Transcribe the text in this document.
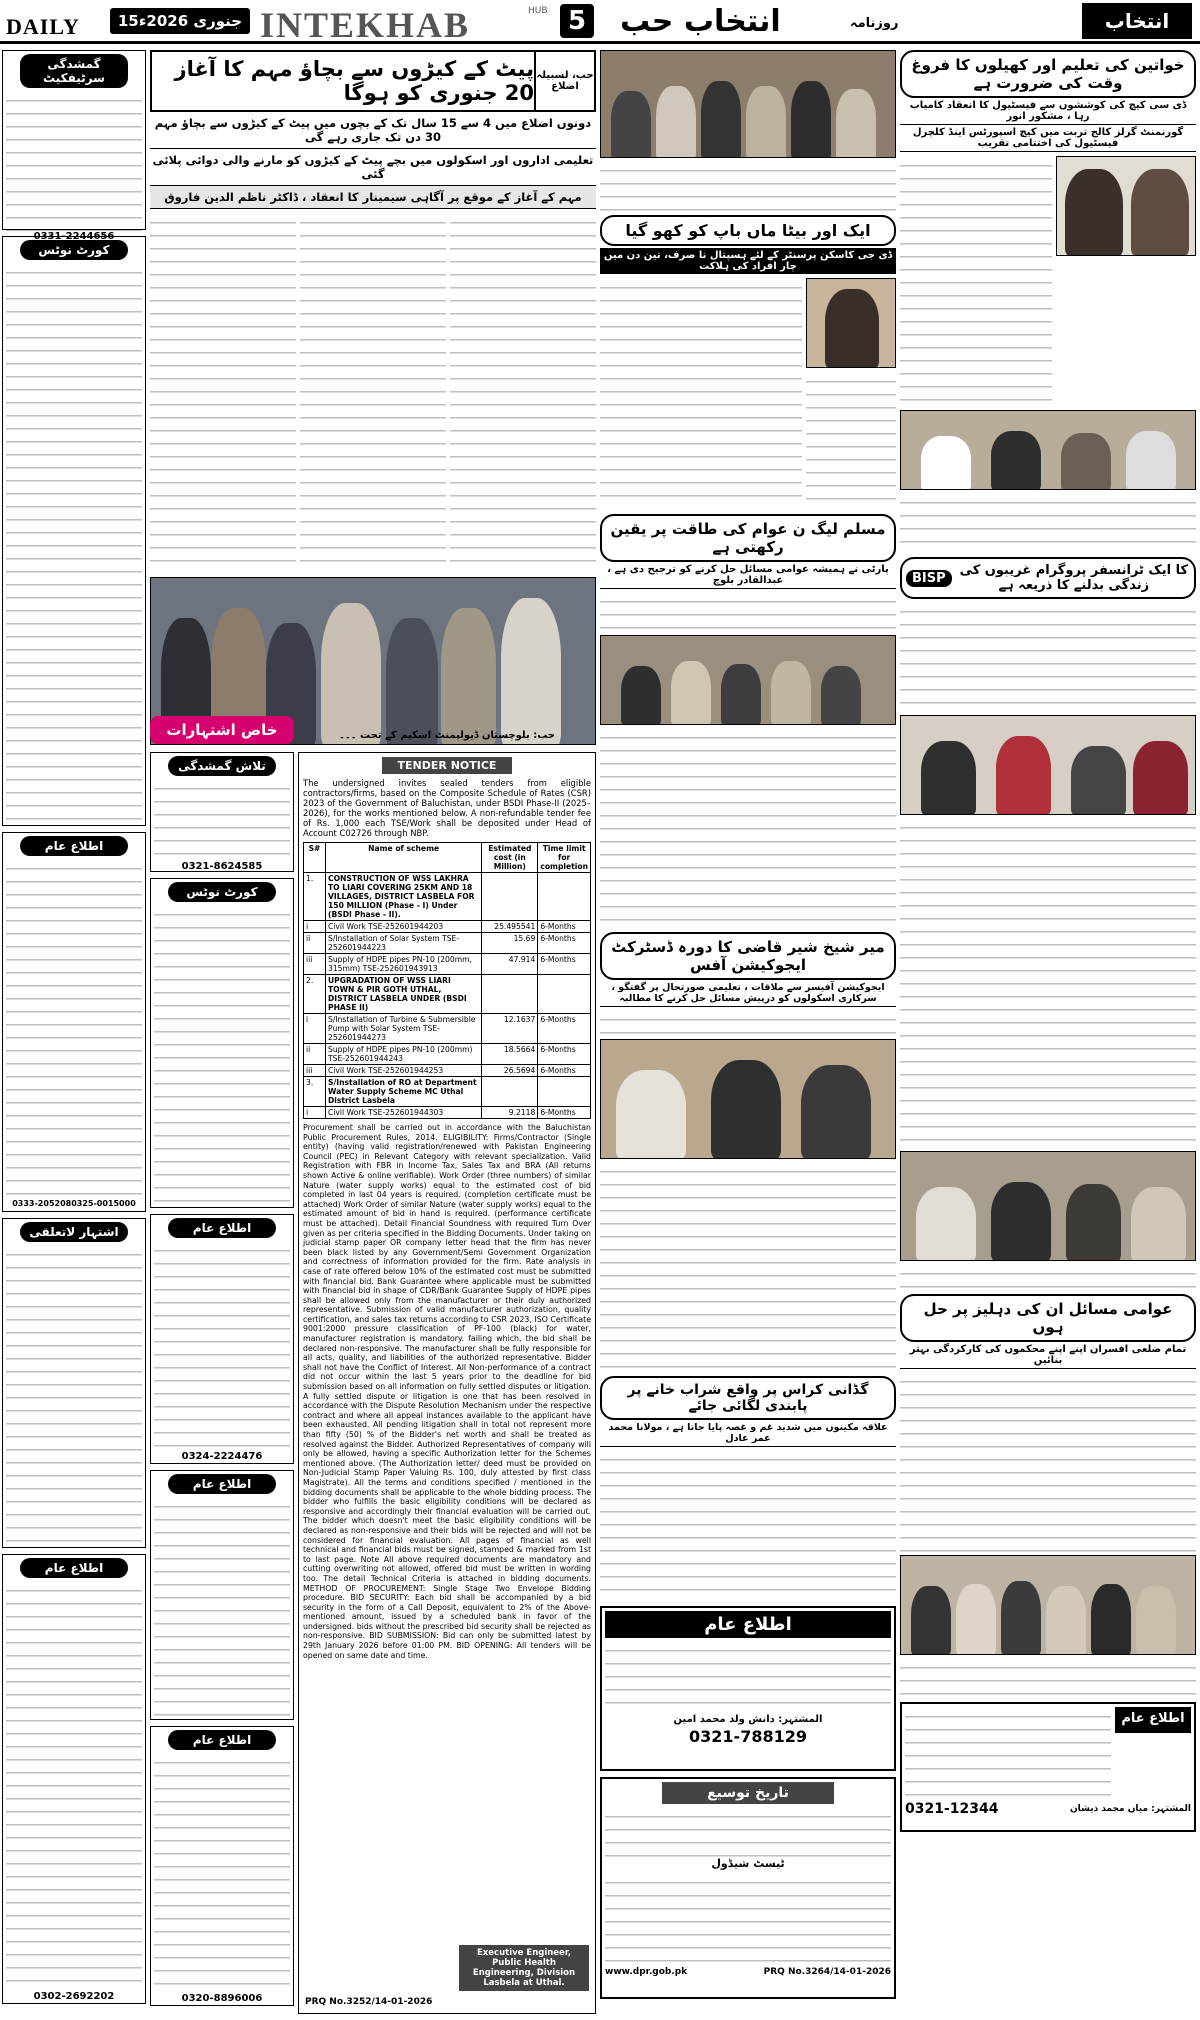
DAILY	15جنوری 2026ء INTEKHAB	HUB 5 انتخاب حب	روزنامہ	انتخاب
گمشدگی سرٹیفکیٹ
0331-2244656
کورٹ نوٹس
اطلاع عام
0333-2052080325-0015000
اشتہار لاتعلقی
اطلاع عام
0302-2692202
پیٹ کے کیڑوں سے بچاؤ مہم کا آغاز 20 جنوری کو ہوگا
حب، لسبیلہ
اضلاع
دونوں اضلاع میں 4 سے 15 سال تک کے بچوں میں پیٹ کے کیڑوں سے بچاؤ مہم 30 دن تک جاری رہے گی
تعلیمی اداروں اور اسکولوں میں بچے پیٹ کے کیڑوں کو مارنے والی دوائی پلائی گئی
مہم کے آغاز کے موقع پر آگاہی سیمینار کا انعقاد ، ڈاکٹر ناظم الدین فاروق
خاص اشتہارات	حب: بلوچستان ڈیولپمنٹ اسکیم کے تحت ۔۔۔
تلاش گمشدگی
0321-8624585
کورٹ نوٹس
اطلاع عام
0324-2224476
اطلاع عام
اطلاع عام
0320-8896006
TENDER NOTICE
The undersigned invites sealed tenders from eligible contractors/firms, based on the Composite Schedule of Rates (CSR) 2023 of the Government of Baluchistan, under BSDI Phase-II (2025–2026), for the works mentioned below. A non-refundable tender fee of Rs. 1,000 each TSE/Work shall be deposited under Head of Account C02726 through NBP.
S#	Name of scheme	Estimated cost (in Million)	Time limit for completion
1.	CONSTRUCTION OF WSS LAKHRA TO LIARI COVERING 25KM AND 18 VILLAGES, DISTRICT LASBELA FOR 150 MILLION (Phase - I) Under (BSDI Phase - II).		
i	Civil Work TSE-252601944203	25.495541	6-Months
ii	S/Installation of Solar System TSE-252601944223	15.69	6-Months
iii	Supply of HDPE pipes PN-10 (200mm, 315mm) TSE-252601943913	47.914	6-Months
2.	UPGRADATION OF WSS LIARI TOWN & PIR GOTH UTHAL, DISTRICT LASBELA UNDER (BSDI PHASE II)		
i	S/Installation of Turbine & Submersible Pump with Solar System TSE-252601944273	12.1637	6-Months
ii	Supply of HDPE pipes PN-10 (200mm) TSE-252601944243	18.5664	6-Months
iii	Civil Work TSE-252601944253	26.5694	6-Months
3.	S/Installation of RO at Department Water Supply Scheme MC Uthal District Lasbela		
i	Civil Work TSE-252601944303	9.2118	6-Months
Procurement shall be carried out in accordance with the Baluchistan Public Procurement Rules, 2014. ELIGIBILITY: Firms/Contractor (Single entity) (having valid registration/renewed with Pakistan Engineering Council (PEC) in Relevant Category with relevant specialization. Valid Registration with FBR in Income Tax, Sales Tax and BRA (All returns shown Active & online verifiable). Work Order (three numbers) of similar Nature (water supply works) equal to the estimated cost of bid completed in last 04 years is required. (completion certificate must be attached) Work Order of similar Nature (water supply works) equal to the estimated amount of bid in hand is required. (performance certificate must be attached). Detail Financial Soundness with required Turn Over given as per criteria specified in the Bidding Documents. Under taking on judicial stamp paper OR company letter head that the firm has never been black listed by any Government/Semi Government Organization and correctness of information provided for the firm. Rate analysis in case of rate offered below 10% of the estimated cost must be submitted with financial bid. Bank Guarantee where applicable must be submitted with financial bid in shape of CDR/Bank Guarantee Supply of HDPE pipes shall be allowed only from the manufacturer or their duly authorized representative. Submission of valid manufacturer authorization, quality certification, and sales tax returns according to CSR 2023, ISO Certificate 9001:2000 pressure classification of PF-100 (black) for water, manufacturer registration is mandatory. failing which, the bid shall be declared non-responsive. The manufacturer shall be fully responsible for all acts, quality, and liabilities of the authorized representative. Bidder shall not have the Conflict of Interest. All Non-performance of a contract did not occur within the last 5 years prior to the deadline for bid submission based on all information on fully settled disputes or litigation. A fully settled dispute or litigation is one that has been resolved in accordance with the Dispute Resolution Mechanism under the respective contract and where all appeal instances available to the applicant have been exhausted. All pending litigation shall in total not represent more than fifty (50) % of the Bidder's net worth and shall be treated as resolved against the Bidder. Authorized Representatives of company will only be allowed, having a specific Authorization letter for the Schemes mentioned above. (The Authorization letter/ deed must be provided on Non-Judicial Stamp Paper Valuing Rs. 100, duly attested by first class Magistrate). All the terms and conditions specified / mentioned in the bidding documents shall be applicable to the whole bidding process. The bidder who fulfills the basic eligibility conditions will be declared as responsive and accordingly their financial evaluation will be carried out. The bidder which doesn't meet the basic eligibility conditions will be declared as non-responsive and their bids will be rejected and will not be considered for financial evaluation. All pages of financial as well technical and financial bids must be signed, stamped & marked from 1st to last page. Note All above required documents are mandatory and cutting overwriting not allowed, offered bid must be written in wording too. The detail Technical Criteria is attached in bidding documents. METHOD OF PROCUREMENT: Single Stage Two Envelope Bidding procedure. BID SECURITY: Each bid shall be accompanied by a bid security in the form of a Call Deposit, equivalent to 2% of the Above-mentioned amount, issued by a scheduled bank in favor of the undersigned. bids without the prescribed bid security shall be rejected as non-responsive. BID SUBMISSION: Bid can only be submitted latest by 29th January 2026 before 01:00 PM. BID OPENING: All tenders will be opened on same date and time.
Executive Engineer, Public Health Engineering, Division Lasbela at Uthal.
PRQ No.3252/14-01-2026
ایک اور بیٹا ماں باپ کو کھو گیا
ڈی جی کاسکن پرسنٹر کے لئے ہسپتال نا صرف، تین دن میں چار افراد کی ہلاکت
مسلم لیگ ن عوام کی طاقت پر یقین رکھتی ہے
پارٹی نے ہمیشہ عوامی مسائل حل کرنے کو ترجیح دی ہے ، عبدالقادر بلوچ
میر شیخ شیر قاضی کا دورہ ڈسٹرکٹ ایجوکیشن آفس
ایجوکیشن آفیسر سے ملاقات ، تعلیمی صورتحال پر گفتگو ، سرکاری اسکولوں کو درپیش مسائل حل کرنے کا مطالبہ
گڈانی کراس پر واقع شراب خانے پر پابندی لگائی جائے
علاقہ مکینوں میں شدید غم و غصہ پایا جاتا ہے ، مولانا محمد عمر عادل
اطلاع عام
المشتہر: دانش ولد محمد امین
0321-788129
تاریخ توسیع
ٹیسٹ شیڈول
www.dpr.gob.pk	PRQ No.3264/14-01-2026
خواتین کی تعلیم اور کھیلوں کا فروغ وقت کی ضرورت ہے
ڈی سی کیچ کی کوششوں سے فیسٹیول کا انعقاد کامیاب رہا ، مشکور انور
گورنمنٹ گرلز کالج تربت میں کیچ اسپورٹس اینڈ کلچرل فیسٹیول کی اختتامی تقریب
کا ایک ٹرانسفر پروگرام غریبوں کی زندگی بدلنے کا ذریعہ ہے
BISP
عوامی مسائل ان کی دہلیز پر حل ہوں
تمام ضلعی افسران اپنے اپنے محکموں کی کارکردگی بہتر بنائیں
اطلاع عام
المشتہر: میاں محمد ذیشان
0321-12344
